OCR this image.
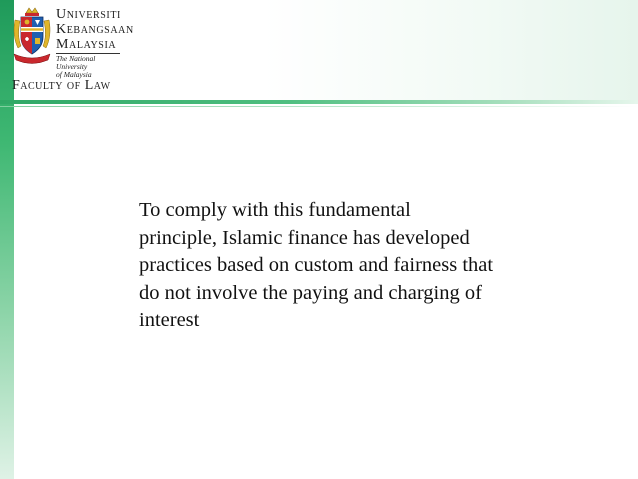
Universiti
Kebangsaan
Malaysia
The National University
of Malaysia
Faculty of Law
To comply with this fundamental
principle, Islamic finance has developed
practices based on custom and fairness that
do not involve the paying and charging of
interest
